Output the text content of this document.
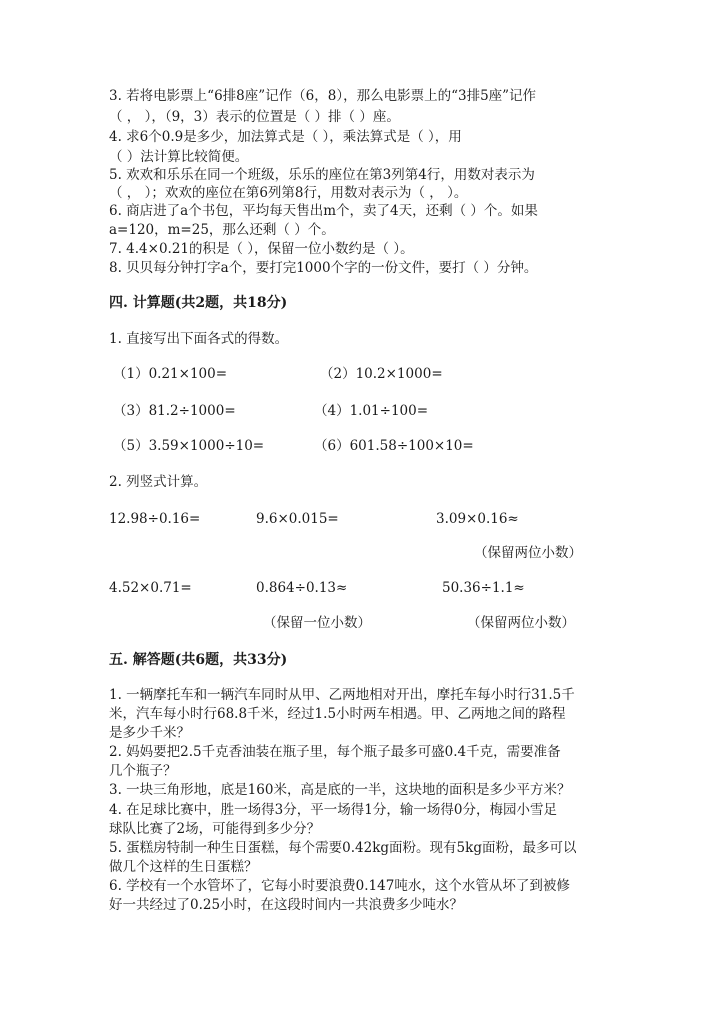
3. 若将电影票上“6排8座”记作（6，8），那么电影票上的“3排5座”记作
（ ， ），（9，3）表示的位置是（ ）排（ ）座。
4. 求6个0.9是多少，加法算式是（ ），乘法算式是（ ），用
（ ）法计算比较简便。
5. 欢欢和乐乐在同一个班级，乐乐的座位在第3列第4行，用数对表示为
（ ， ）；欢欢的座位在第6列第8行，用数对表示为（ ， ）。
6. 商店进了a个书包，平均每天售出m个，卖了4天，还剩（ ）个。如果
a=120，m=25，那么还剩（ ）个。
7. 4.4×0.21的积是（ ），保留一位小数约是（ ）。
8. 贝贝每分钟打字a个，要打完1000个字的一份文件，要打（ ）分钟。
四. 计算题(共2题，共18分)
1. 直接写出下面各式的得数。
（1）0.21×100=	（2）10.2×1000=
（3）81.2÷1000=	（4）1.01÷100=
（5）3.59×1000÷10=	（6）601.58÷100×10=
2. 列竖式计算。
12.98÷0.16=	9.6×0.015=	3.09×0.16≈
（保留两位小数）
4.52×0.71=	0.864÷0.13≈	50.36÷1.1≈
（保留一位小数）	（保留两位小数）
五. 解答题(共6题，共33分)
1. 一辆摩托车和一辆汽车同时从甲、乙两地相对开出，摩托车每小时行31.5千
米，汽车每小时行68.8千米，经过1.5小时两车相遇。甲、乙两地之间的路程
是多少千米？
2. 妈妈要把2.5千克香油装在瓶子里，每个瓶子最多可盛0.4千克，需要准备
几个瓶子？
3. 一块三角形地，底是160米，高是底的一半，这块地的面积是多少平方米？
4. 在足球比赛中，胜一场得3分，平一场得1分，输一场得0分，梅园小雪足
球队比赛了2场，可能得到多少分？
5. 蛋糕房特制一种生日蛋糕，每个需要0.42kg面粉。现有5kg面粉，最多可以
做几个这样的生日蛋糕？
6. 学校有一个水管坏了，它每小时要浪费0.147吨水，这个水管从坏了到被修
好一共经过了0.25小时，在这段时间内一共浪费多少吨水？
